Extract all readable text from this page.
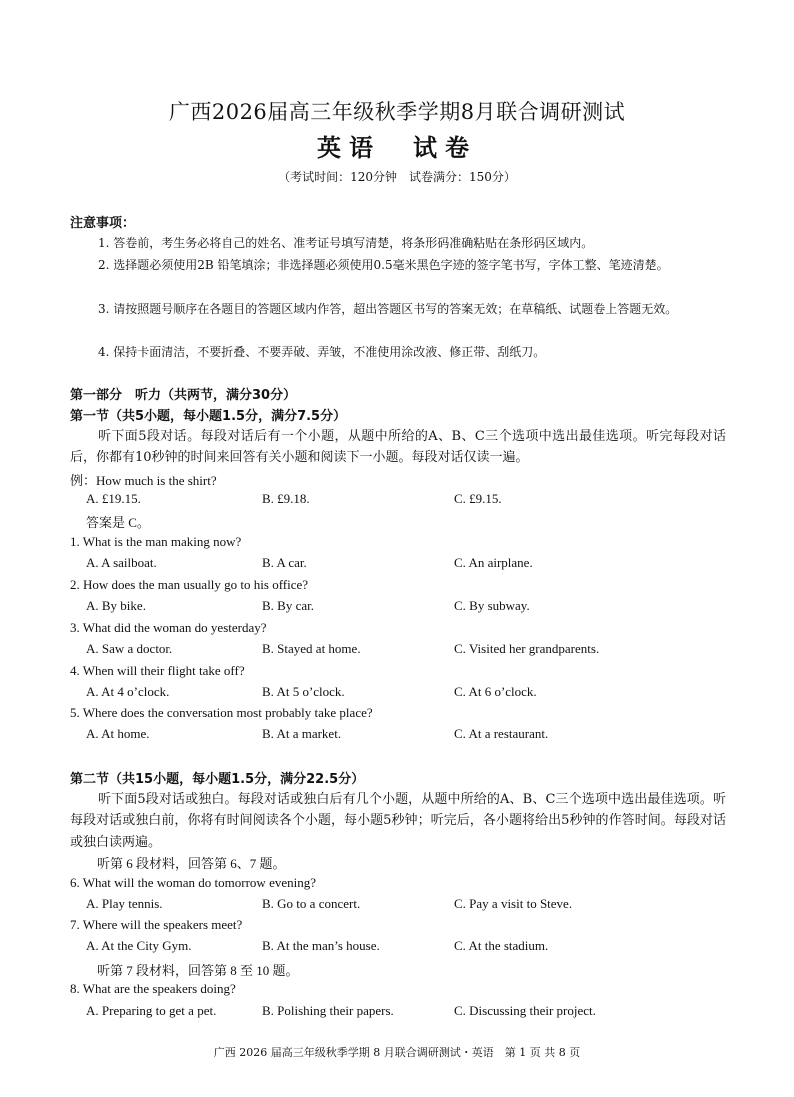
广西2026届高三年级秋季学期8月联合调研测试
英语　试卷
（考试时间：120分钟　试卷满分：150分）
注意事项：
1. 答卷前，考生务必将自己的姓名、准考证号填写清楚，将条形码准确粘贴在条形码区域内。
2. 选择题必须使用2B 铅笔填涂；非选择题必须使用0.5毫米黑色字迹的签字笔书写，字体工整、笔迹清楚。
3. 请按照题号顺序在各题目的答题区域内作答，超出答题区书写的答案无效；在草稿纸、试题卷上答题无效。
4. 保持卡面清洁，不要折叠、不要弄破、弄皱，不准使用涂改液、修正带、刮纸刀。
第一部分　听力（共两节，满分30分）
第一节（共5小题，每小题1.5分，满分7.5分）
听下面5段对话。每段对话后有一个小题，从题中所给的A、B、C三个选项中选出最佳选项。听完每段对话后，你都有10秒钟的时间来回答有关小题和阅读下一小题。每段对话仅读一遍。
例：How much is the shirt?
A. £19.15.	B. £9.18.	C. £9.15.
答案是 C。
1. What is the man making now?
A. A sailboat.	B. A car.	C. An airplane.
2. How does the man usually go to his office?
A. By bike.	B. By car.	C. By subway.
3. What did the woman do yesterday?
A. Saw a doctor.	B. Stayed at home.	C. Visited her grandparents.
4. When will their flight take off?
A. At 4 o’clock.	B. At 5 o’clock.	C. At 6 o’clock.
5. Where does the conversation most probably take place?
A. At home.	B. At a market.	C. At a restaurant.
第二节（共15小题，每小题1.5分，满分22.5分）
听下面5段对话或独白。每段对话或独白后有几个小题，从题中所给的A、B、C三个选项中选出最佳选项。听每段对话或独白前，你将有时间阅读各个小题，每小题5秒钟；听完后，各小题将给出5秒钟的作答时间。每段对话或独白读两遍。
听第 6 段材料，回答第 6、7 题。
6. What will the woman do tomorrow evening?
A. Play tennis.	B. Go to a concert.	C. Pay a visit to Steve.
7. Where will the speakers meet?
A. At the City Gym.	B. At the man’s house.	C. At the stadium.
听第 7 段材料，回答第 8 至 10 题。
8. What are the speakers doing?
A. Preparing to get a pet.	B. Polishing their papers.	C. Discussing their project.
广西 2026 届高三年级秋季学期 8 月联合调研测试・英语　第 1 页 共 8 页
